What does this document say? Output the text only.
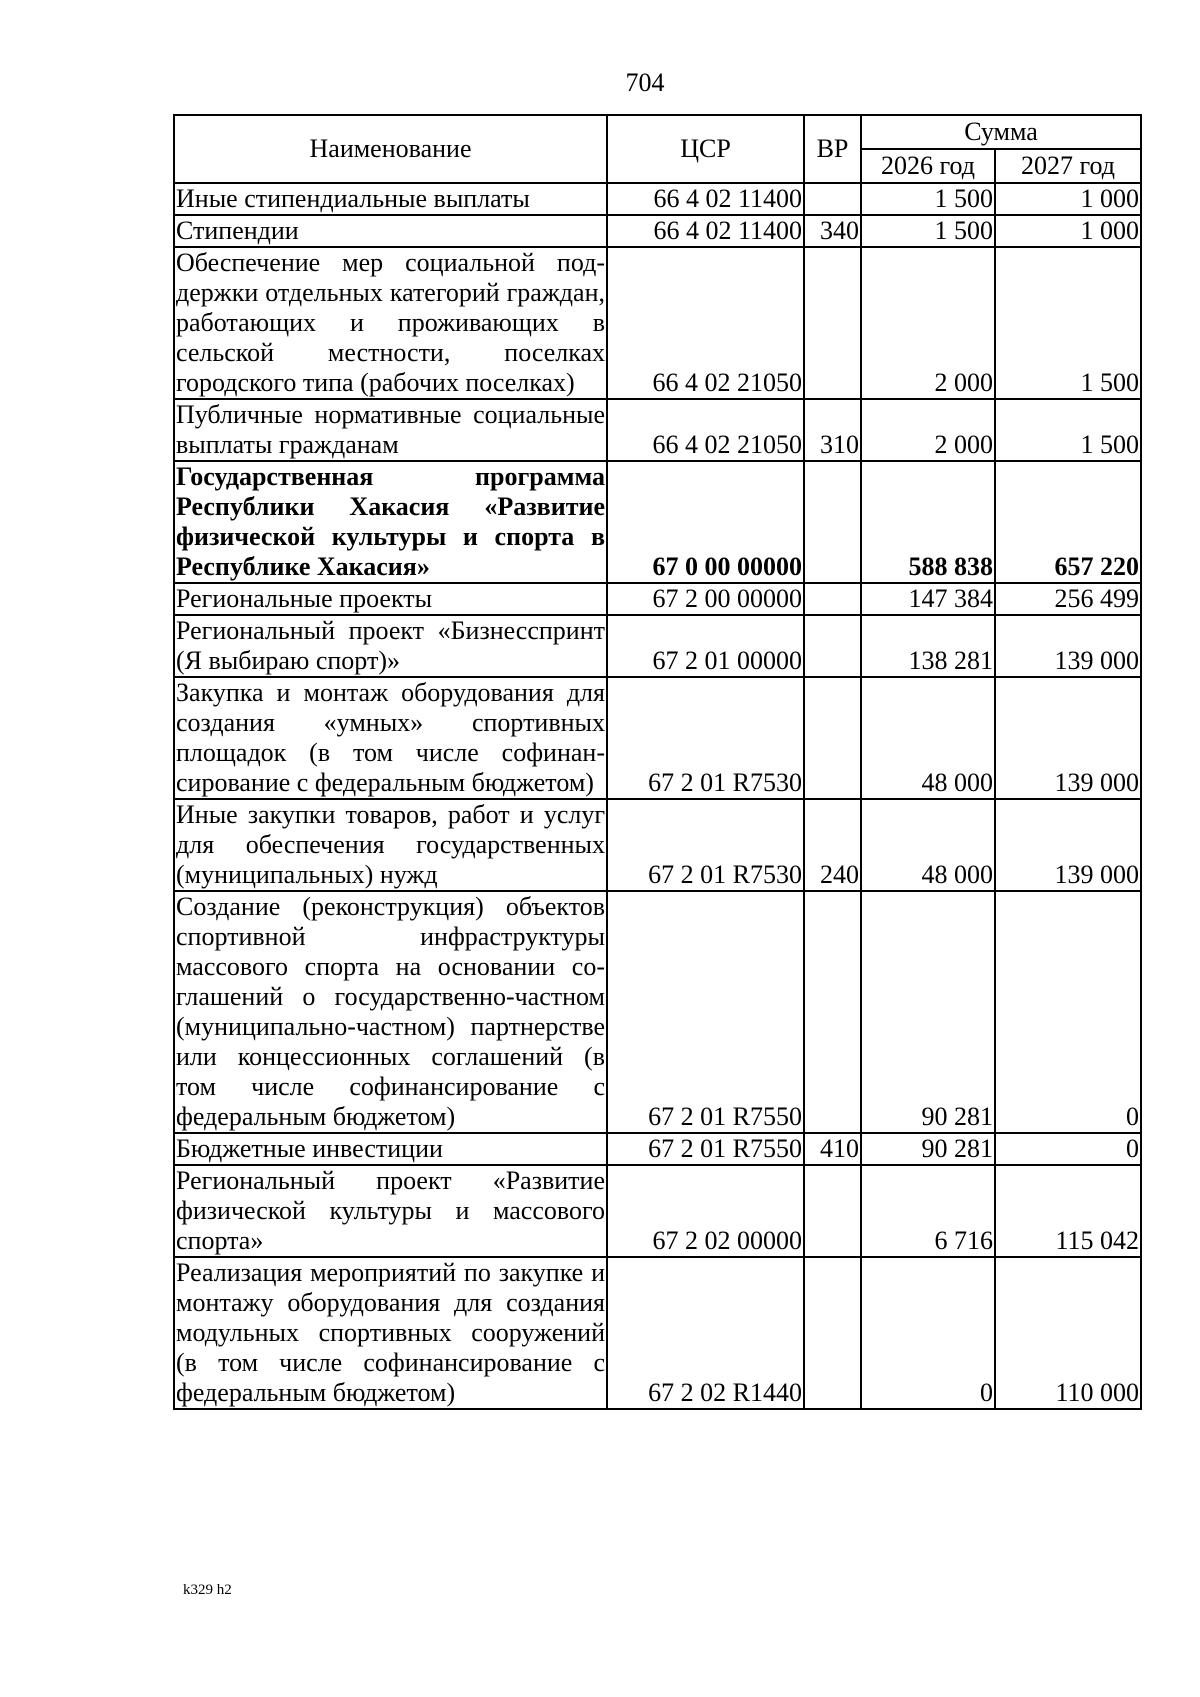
704
Наименование	ЦСР	ВР	Сумма	
			2026 год	2027 год
Иные стипендиальные выплаты	66 4 02 11400		1 500	1 000
Стипендии	66 4 02 11400	340	1 500	1 000
Обеспечение мер социальной поддержки отдельных категорий граждан, работающих и проживающих в сельской местности, поселках городского типа (рабочих поселках)	66 4 02 21050		2 000	1 500
Публичные нормативные социальные выплаты гражданам	66 4 02 21050	310	2 000	1 500
Государственная программа Республики Хакасия «Развитие физической культуры и спорта в Республике Хакасия»	67 0 00 00000		588 838	657 220
Региональные проекты	67 2 00 00000		147 384	256 499
Региональный проект «Бизнесспринт (Я выбираю спорт)»	67 2 01 00000		138 281	139 000
Закупка и монтаж оборудования для создания «умных» спортивных площадок (в том числе софинансирование с федеральным бюджетом)	67 2 01 R7530		48 000	139 000
Иные закупки товаров, работ и услуг для обеспечения государственных (муниципальных) нужд	67 2 01 R7530	240	48 000	139 000
Создание (реконструкция) объектов спортивной инфраструктуры массового спорта на основании соглашений о государственно-частном (муниципально-частном) партнерстве или концессионных соглашений (в том числе софинансирование с федеральным бюджетом)	67 2 01 R7550		90 281	0
Бюджетные инвестиции	67 2 01 R7550	410	90 281	0
Региональный проект «Развитие физической культуры и массового спорта»	67 2 02 00000		6 716	115 042
Реализация мероприятий по закупке и монтажу оборудования для создания модульных спортивных сооружений (в том числе софинансирование с федеральным бюджетом)	67 2 02 R1440		0	110 000
k329 h2
